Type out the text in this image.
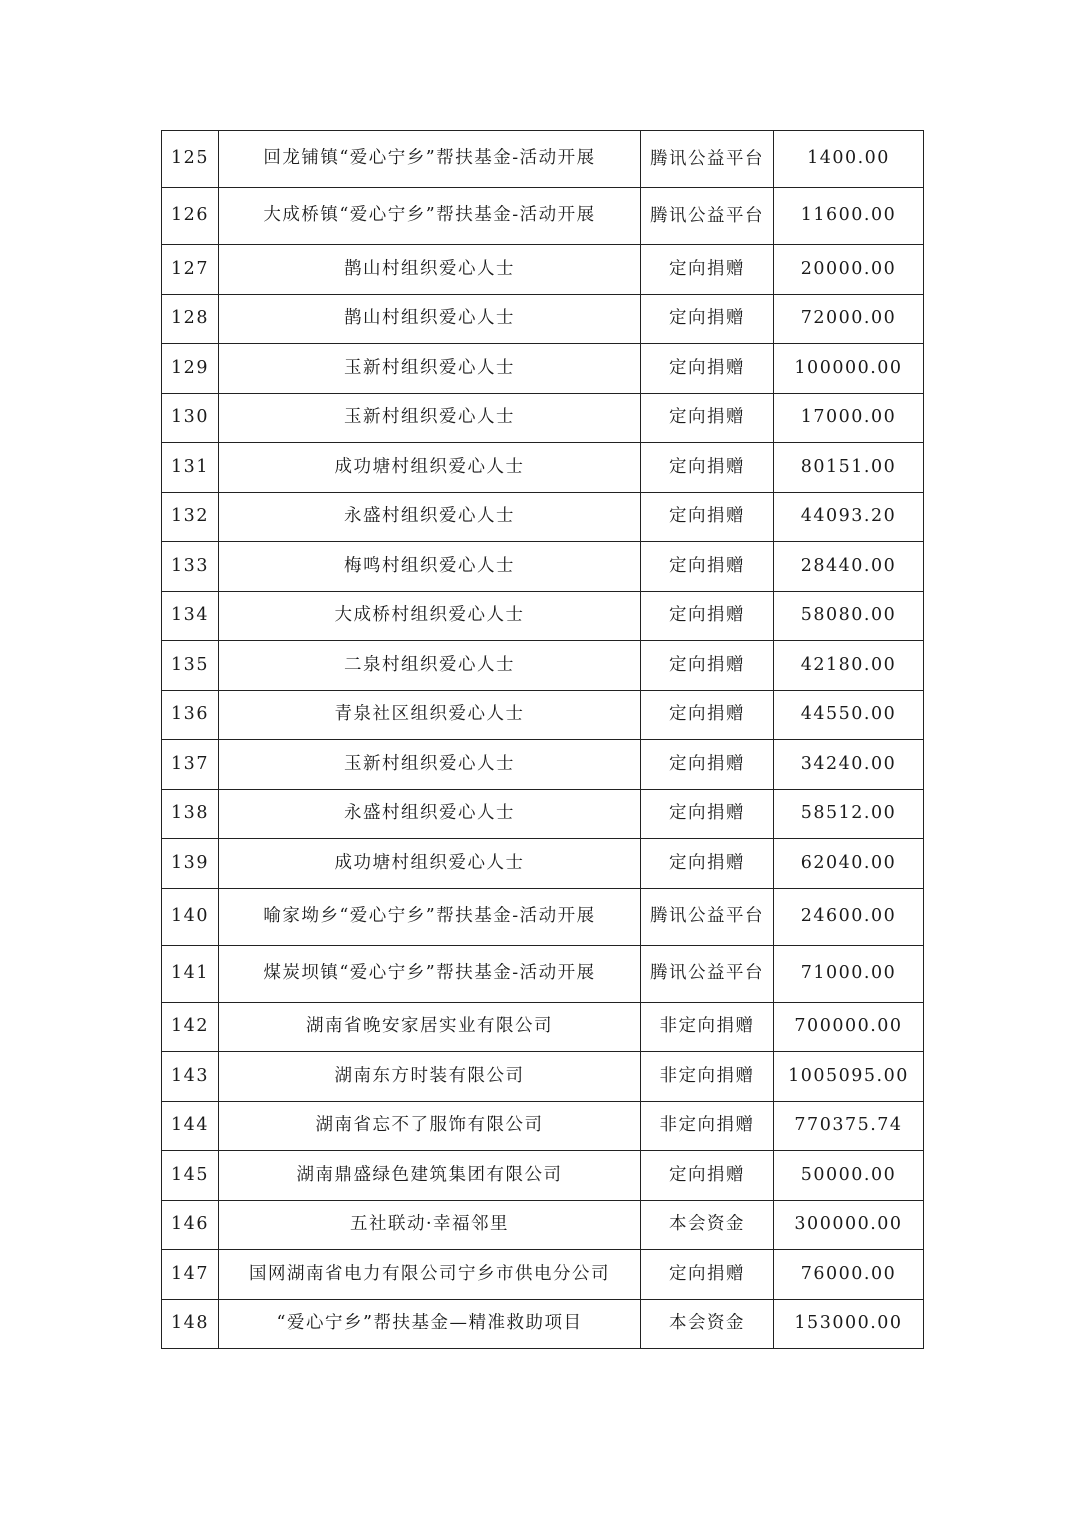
125	回龙铺镇“爱心宁乡”帮扶基金-活动开展	腾讯公益平台	1400.00
126	大成桥镇“爱心宁乡”帮扶基金-活动开展	腾讯公益平台	11600.00
127	鹊山村组织爱心人士	定向捐赠	20000.00
128	鹊山村组织爱心人士	定向捐赠	72000.00
129	玉新村组织爱心人士	定向捐赠	100000.00
130	玉新村组织爱心人士	定向捐赠	17000.00
131	成功塘村组织爱心人士	定向捐赠	80151.00
132	永盛村组织爱心人士	定向捐赠	44093.20
133	梅鸣村组织爱心人士	定向捐赠	28440.00
134	大成桥村组织爱心人士	定向捐赠	58080.00
135	二泉村组织爱心人士	定向捐赠	42180.00
136	青泉社区组织爱心人士	定向捐赠	44550.00
137	玉新村组织爱心人士	定向捐赠	34240.00
138	永盛村组织爱心人士	定向捐赠	58512.00
139	成功塘村组织爱心人士	定向捐赠	62040.00
140	喻家坳乡“爱心宁乡”帮扶基金-活动开展	腾讯公益平台	24600.00
141	煤炭坝镇“爱心宁乡”帮扶基金-活动开展	腾讯公益平台	71000.00
142	湖南省晚安家居实业有限公司	非定向捐赠	700000.00
143	湖南东方时装有限公司	非定向捐赠	1005095.00
144	湖南省忘不了服饰有限公司	非定向捐赠	770375.74
145	湖南鼎盛绿色建筑集团有限公司	定向捐赠	50000.00
146	五社联动·幸福邻里	本会资金	300000.00
147	国网湖南省电力有限公司宁乡市供电分公司	定向捐赠	76000.00
148	“爱心宁乡”帮扶基金—精准救助项目	本会资金	153000.00
